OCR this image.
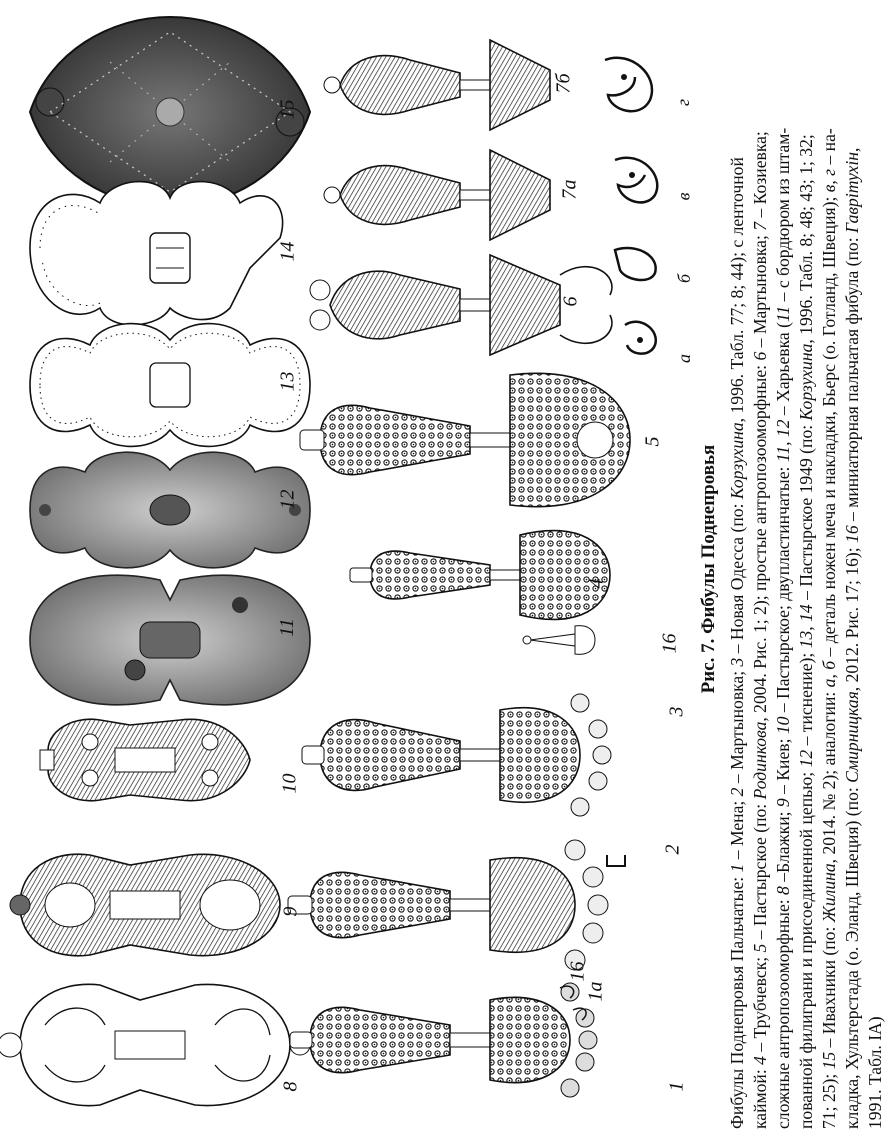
8
9
10
11
12
13
14
15
1
16
1а
2
3
16
4
5
6
7а
7б
а
б
в
г
Рис. 7. Фибулы Поднепровья
Фибулы Поднепровья Пальчатые: 1 – Мена; 2 – Мартыновка; 3 – Новая Одесса (по: Корзухина, 1996. Табл. 77; 8; 44); с ленточной
каймой: 4 – Трубчевск; 5 – Пастырское (по: Родинкова, 2004. Рис. 1; 2); простые антропозооморфные: 6 – Мартыновка; 7 – Козиевка;
сложные антропозооморфные: 8 –Блажки; 9 – Киев; 10 – Пастырское; двупластинчатые: 11, 12 – Харьевка (11 – с бордюром из штам-
пованной филиграни и присоединенной цепью; 12 – тиснение); 13, 14 – Пастырское 1949 (по: Корзухина, 1996. Табл. 8; 48; 43; 1; 32;
71; 25); 15 – Ивахники (по: Жилина, 2014. № 2); аналогии: а, б – деталь ножен меча и накладки, Бьерс (о. Готланд, Швеция); в, г – на-
кладка, Хультерстада (о. Эланд, Швеция) (по: Смирницкая, 2012. Рис. 17; 16); 16 – миниатюрная пальчатая фибула (по: Гаврітухін,
1991. Табл. IA)
